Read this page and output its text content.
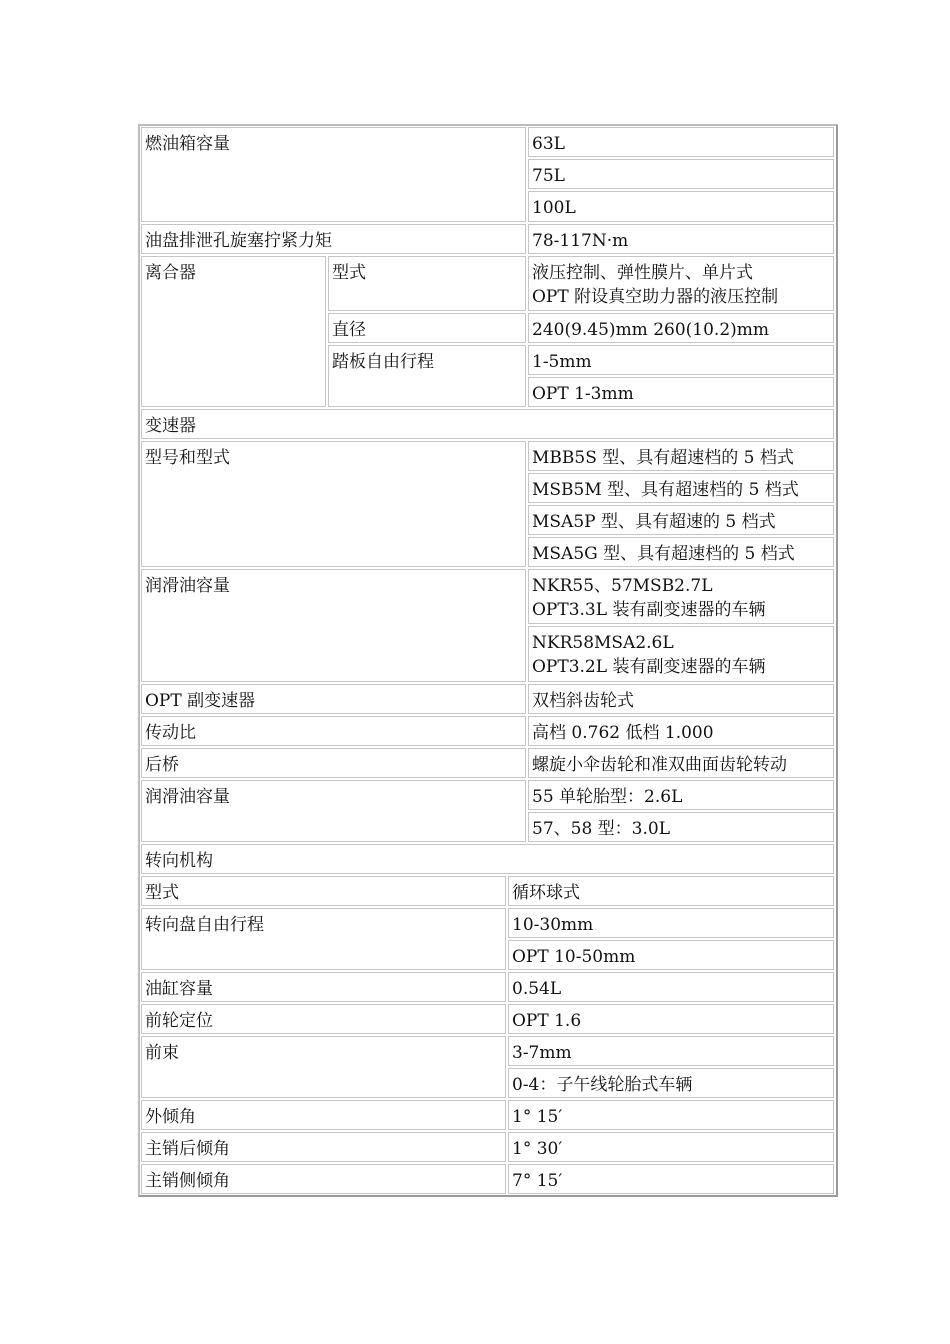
燃油箱容量	63L
75L
100L
油盘排泄孔旋塞拧紧力矩	78-117N·m
离合器	型式	液压控制、弹性膜片、单片式
OPT 附设真空助力器的液压控制
直径	240(9.45)mm 260(10.2)mm
踏板自由行程	1-5mm
OPT 1-3mm
变速器
型号和型式	MBB5S 型、具有超速档的 5 档式
MSB5M 型、具有超速档的 5 档式
MSA5P 型、具有超速的 5 档式
MSA5G 型、具有超速档的 5 档式
润滑油容量	NKR55、57MSB2.7L
OPT3.3L 装有副变速器的车辆
NKR58MSA2.6L
OPT3.2L 装有副变速器的车辆
OPT 副变速器	双档斜齿轮式
传动比	高档 0.762 低档 1.000
后桥	螺旋小伞齿轮和准双曲面齿轮转动
润滑油容量	55 单轮胎型：2.6L
57、58 型：3.0L
转向机构
型式	循环球式
转向盘自由行程	10-30mm
OPT 10-50mm
油缸容量	0.54L
前轮定位	OPT 1.6
前束	3-7mm
0-4：子午线轮胎式车辆
外倾角	1° 15′
主销后倾角	1° 30′
主销侧倾角	7° 15′
